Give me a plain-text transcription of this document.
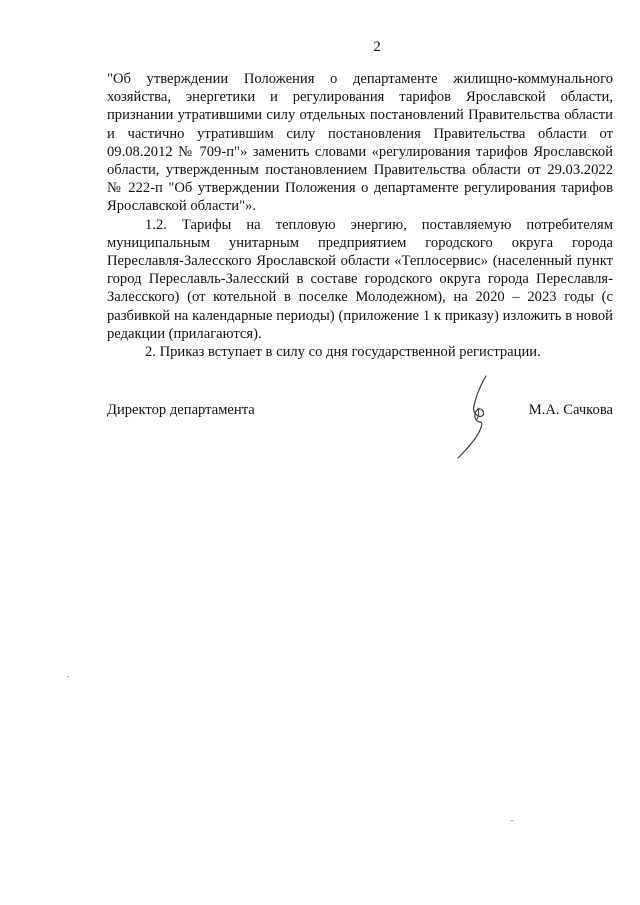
2

"Об утверждении Положения о департаменте жилищно-коммунального хозяйства, энергетики и регулирования тарифов Ярославской области, признании утратившими силу отдельных постановлений Правительства области и частично утратившим силу постановления Правительства области от 09.08.2012 № 709-п"» заменить словами «регулирования тарифов Ярославской области, утвержденным постановлением Правительства области от 29.03.2022 № 222-п "Об утверждении Положения о департаменте регулирования тарифов Ярославской области"».

1.2. Тарифы на тепловую энергию, поставляемую потребителям муниципальным унитарным предприятием городского округа города Переславля-Залесского Ярославской области «Теплосервис» (населенный пункт город Переславль-Залесский в составе городского округа города Переславля-Залесского) (от котельной в поселке Молодежном), на 2020 – 2023 годы (с разбивкой на календарные периоды) (приложение 1 к приказу) изложить в новой редакции (прилагаются).

2. Приказ вступает в силу со дня государственной регистрации.

Директор департамента	М.А. Сачкова
